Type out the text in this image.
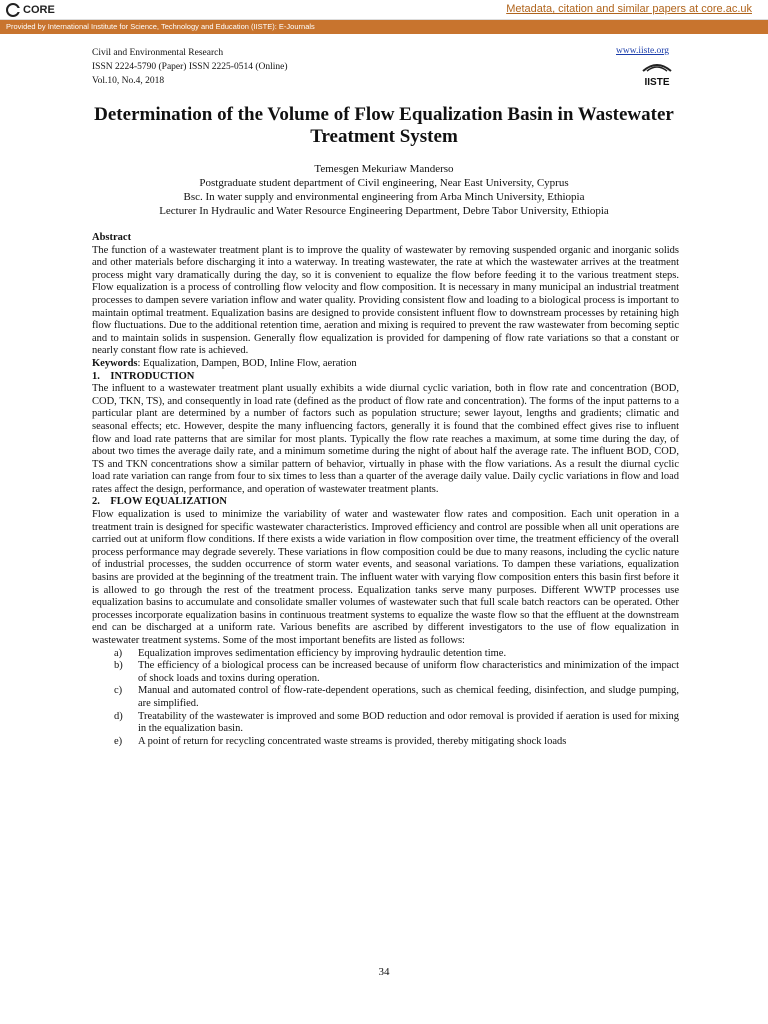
CORE	Metadata, citation and similar papers at core.ac.uk
Provided by International Institute for Science, Technology and Education (IISTE): E-Journals
Civil and Environmental Research
ISSN 2224-5790 (Paper) ISSN 2225-0514 (Online)
Vol.10, No.4, 2018
www.iiste.org
IISTE
Determination of the Volume of Flow Equalization Basin in Wastewater Treatment System
Temesgen Mekuriaw Manderso
Postgraduate student department of Civil engineering, Near East University, Cyprus
Bsc. In water supply and environmental engineering from Arba Minch University, Ethiopia
Lecturer In Hydraulic and Water Resource Engineering Department, Debre Tabor University, Ethiopia

Abstract

The function of a wastewater treatment plant is to improve the quality of wastewater by removing suspended organic and inorganic solids and other materials before discharging it into a waterway. In treating wastewater, the rate at which the wastewater arrives at the treatment process might vary dramatically during the day, so it is convenient to equalize the flow before feeding it to the various treatment steps. Flow equalization is a process of controlling flow velocity and flow composition. It is necessary in many municipal an industrial treatment processes to dampen severe variation inflow and water quality. Providing consistent flow and loading to a biological process is important to maintain optimal treatment. Equalization basins are designed to provide consistent influent flow to downstream processes by retaining high flow fluctuations. Due to the additional retention time, aeration and mixing is required to prevent the raw wastewater from becoming septic and to maintain solids in suspension. Generally flow equalization is provided for dampening of flow rate variations so that a constant or nearly constant flow rate is achieved.

Keywords: Equalization, Dampen, BOD, Inline Flow, aeration

1.    INTRODUCTION

The influent to a wastewater treatment plant usually exhibits a wide diurnal cyclic variation, both in flow rate and concentration (BOD, COD, TKN, TS), and consequently in load rate (defined as the product of flow rate and concentration). The forms of the input patterns to a particular plant are determined by a number of factors such as population structure; sewer layout, lengths and gradients; climatic and seasonal effects; etc. However, despite the many influencing factors, generally it is found that the combined effect gives rise to influent flow and load rate patterns that are similar for most plants. Typically the flow rate reaches a maximum, at some time during the day, of about two times the average daily rate, and a minimum sometime during the night of about half the average rate. The influent BOD, COD, TS and TKN concentrations show a similar pattern of behavior, virtually in phase with the flow variations. As a result the diurnal cyclic load rate variation can range from four to six times to less than a quarter of the average daily value. Daily cyclic variations in flow and load rates affect the design, performance, and operation of wastewater treatment plants.

2.    FLOW EQUALIZATION

Flow equalization is used to minimize the variability of water and wastewater flow rates and composition. Each unit operation in a treatment train is designed for specific wastewater characteristics. Improved efficiency and control are possible when all unit operations are carried out at uniform flow conditions. If there exists a wide variation in flow composition over time, the treatment efficiency of the overall process performance may degrade severely. These variations in flow composition could be due to many reasons, including the cyclic nature of industrial processes, the sudden occurrence of storm water events, and seasonal variations. To dampen these variations, equalization basins are provided at the beginning of the treatment train. The influent water with varying flow composition enters this basin first before it is allowed to go through the rest of the treatment process. Equalization tanks serve many purposes. Different WWTP processes use equalization basins to accumulate and consolidate smaller volumes of wastewater such that full scale batch reactors can be operated. Other processes incorporate equalization basins in continuous treatment systems to equalize the waste flow so that the effluent at the downstream end can be discharged at a uniform rate. Various benefits are ascribed by different investigators to the use of flow equalization in wastewater treatment systems. Some of the most important benefits are listed as follows:

a)	Equalization improves sedimentation efficiency by improving hydraulic detention time.
b)	The efficiency of a biological process can be increased because of uniform flow characteristics and minimization of the impact of shock loads and toxins during operation.
c)	Manual and automated control of flow-rate-dependent operations, such as chemical feeding, disinfection, and sludge pumping, are simplified.
d)	Treatability of the wastewater is improved and some BOD reduction and odor removal is provided if aeration is used for mixing in the equalization basin.
e)	A point of return for recycling concentrated waste streams is provided, thereby mitigating shock loads
34
